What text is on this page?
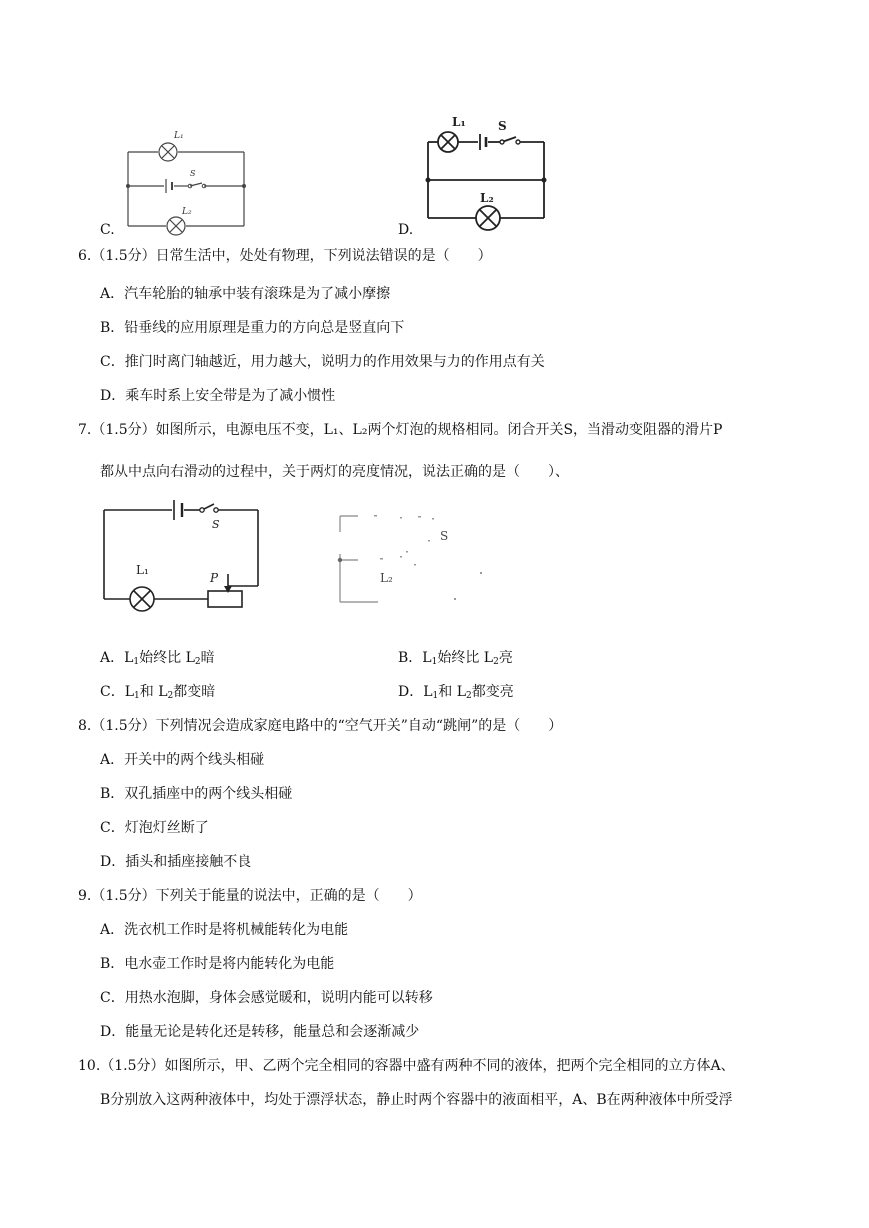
L₁
S
L₂
C.
L₁	S
L₂
D.
6.（1.5分）日常生活中，处处有物理，下列说法错误的是（　　）
A．汽车轮胎的轴承中装有滚珠是为了减小摩擦
B．铅垂线的应用原理是重力的方向总是竖直向下
C．推门时离门轴越近，用力越大，说明力的作用效果与力的作用点有关
D．乘车时系上安全带是为了减小惯性
7.（1.5分）如图所示，电源电压不变，L₁、L₂两个灯泡的规格相同。闭合开关S，当滑动变阻器的滑片P
都从中点向右滑动的过程中，关于两灯的亮度情况，说法正确的是（　　）、
S
L₁
P
S
L₂
A．$L_1$始终比 $L_2$暗	B．$L_1$始终比 $L_2$亮
C．$L_1$和 $L_2$都变暗	D．$L_1$和 $L_2$都变亮
8.（1.5分）下列情况会造成家庭电路中的“空气开关”自动“跳闸”的是（　　）
A．开关中的两个线头相碰
B．双孔插座中的两个线头相碰
C．灯泡灯丝断了
D．插头和插座接触不良
9.（1.5分）下列关于能量的说法中，正确的是（　　）
A．洗衣机工作时是将机械能转化为电能
B．电水壶工作时是将内能转化为电能
C．用热水泡脚，身体会感觉暖和，说明内能可以转移
D．能量无论是转化还是转移，能量总和会逐渐减少
10.（1.5分）如图所示，甲、乙两个完全相同的容器中盛有两种不同的液体，把两个完全相同的立方体A、
B分别放入这两种液体中，均处于漂浮状态，静止时两个容器中的液面相平，A、B在两种液体中所受浮
